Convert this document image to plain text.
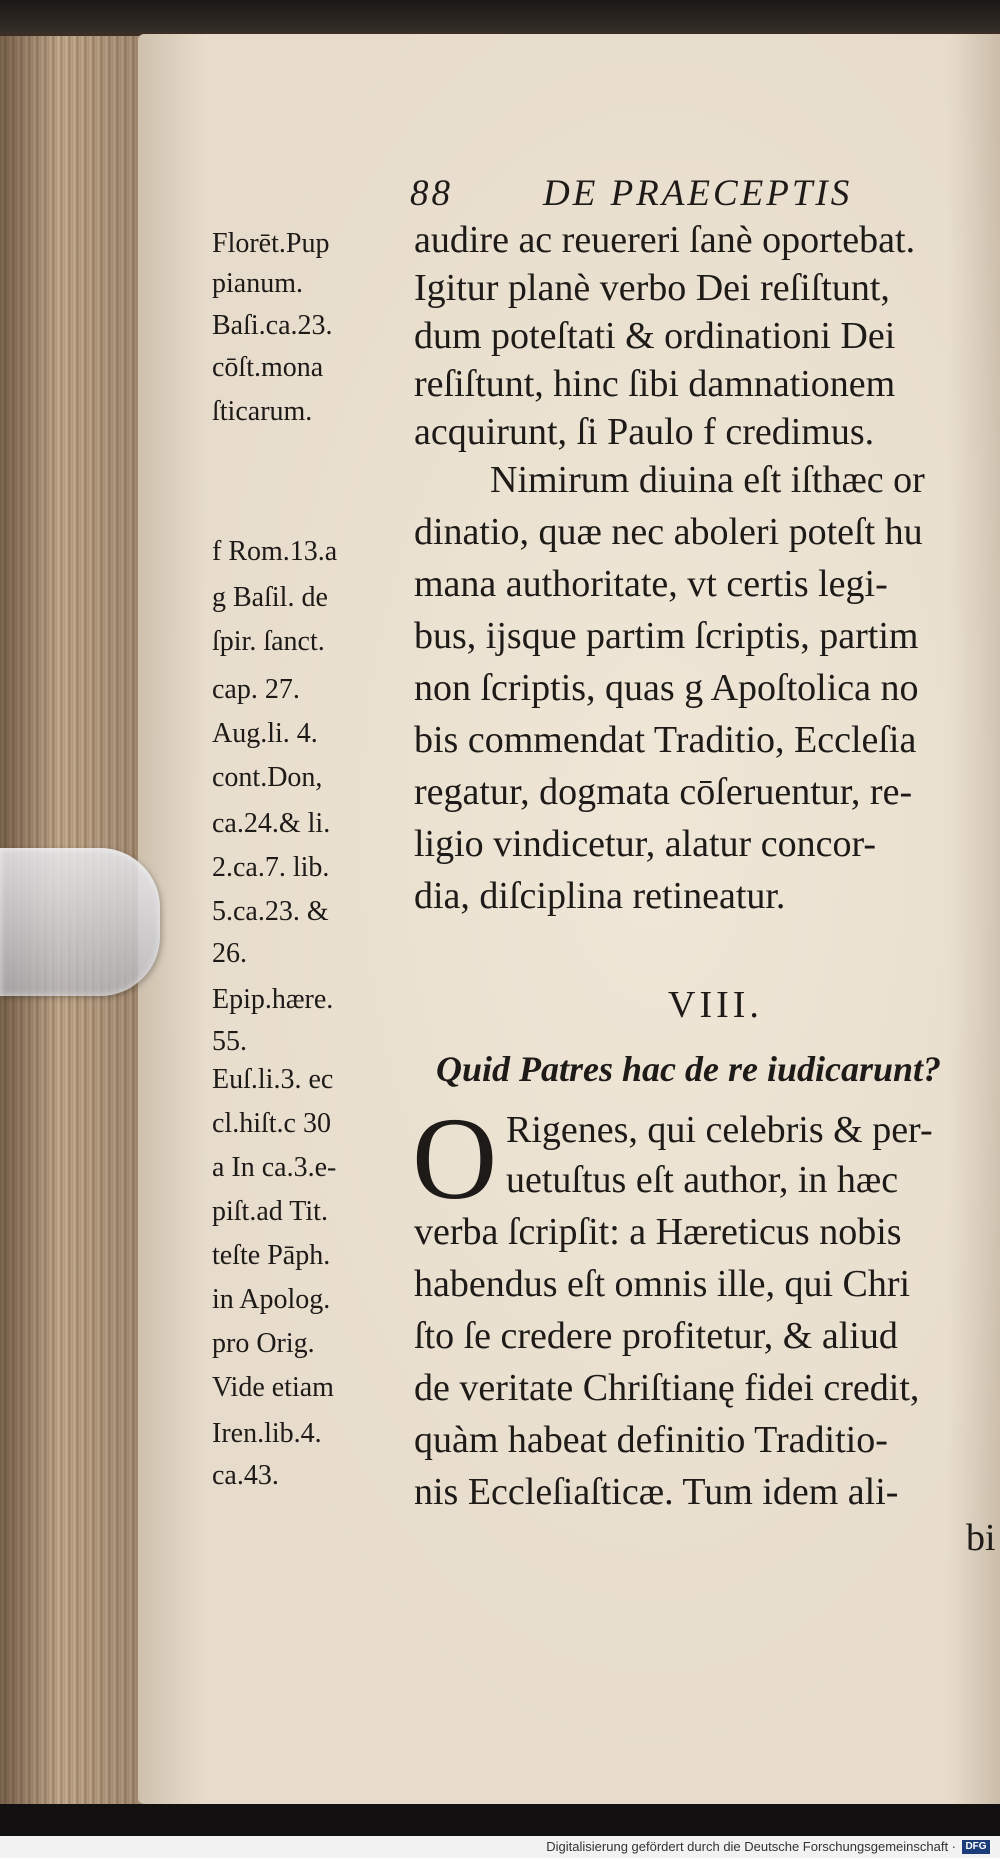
88 DE PRAECEPTIS
audire ac reuereri ſanè oportebat.
Igitur planè verbo Dei reſiſtunt,
dum poteſtati & ordinationi Dei
reſiſtunt, hinc ſibi damnationem
acquirunt, ſi Paulo f credimus.
Nimirum diuina eſt iſthæc or
dinatio, quæ nec aboleri poteſt hu
mana authoritate, vt certis legi-
bus, ijsque partim ſcriptis, partim
non ſcriptis, quas g Apoſtolica no
bis commendat Traditio, Eccleſia
regatur, dogmata cōſeruentur, re-
ligio vindicetur, alatur concor-
dia, diſciplina retineatur.
VIII.
Quid Patres hac de re iudicarunt?
O Rigenes, qui celebris & per-
uetuſtus eſt author, in hæc
verba ſcripſit: a Hæreticus nobis
habendus eſt omnis ille, qui Chri
ſto ſe credere profitetur, & aliud
de veritate Chriſtianę fidei credit,
quàm habeat definitio Traditio-
nis Eccleſiaſticæ. Tum idem ali-
bi
Florēt.Pup
pianum.
Baſi.ca.23.
cōſt.mona
ſticarum.
f Rom.13.a
g Baſil. de
ſpir. ſanct.
cap. 27.
Aug.li. 4.
cont.Don,
ca.24.& li.
2.ca.7. lib.
5.ca.23. &
26.
Epip.hære.
55.
Euſ.li.3. ec
cl.hiſt.c 30
a In ca.3.e-
piſt.ad Tit.
teſte Pāph.
in Apolog.
pro Orig.
Vide etiam
Iren.lib.4.
ca.43.
Digitalisierung gefördert durch die Deutsche Forschungsgemeinschaft · DFG
